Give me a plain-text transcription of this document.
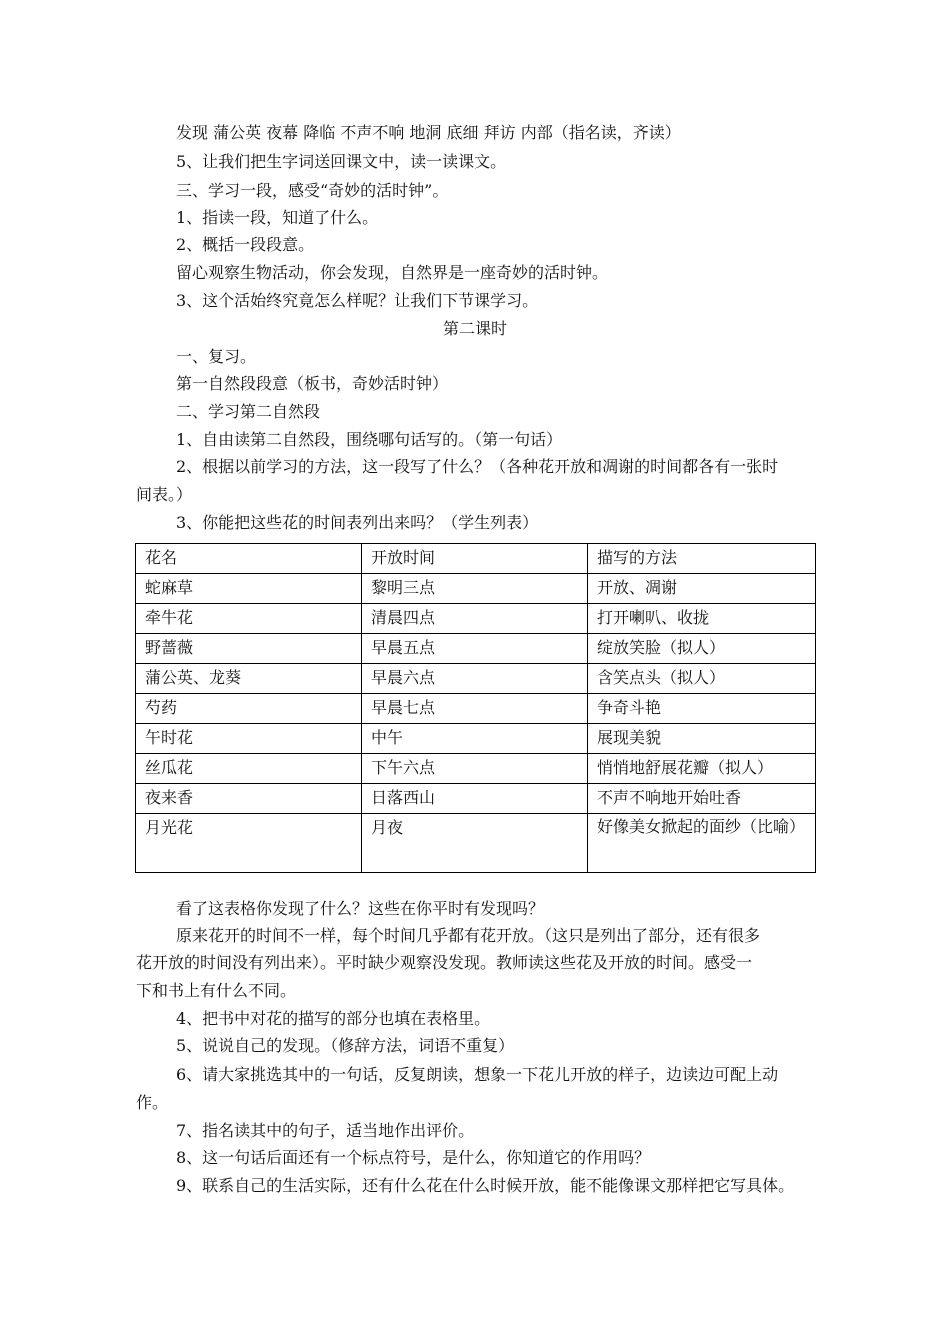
发现 蒲公英 夜幕 降临 不声不响 地洞 底细 拜访 内部（指名读，齐读）
5、让我们把生字词送回课文中，读一读课文。
三、学习一段，感受“奇妙的活时钟”。
1、指读一段，知道了什么。
2、概括一段段意。
留心观察生物活动，你会发现，自然界是一座奇妙的活时钟。
3、这个活始终究竟怎么样呢？让我们下节课学习。
第二课时
一、复习。
第一自然段段意（板书，奇妙活时钟）
二、学习第二自然段
1、自由读第二自然段，围绕哪句话写的。（第一句话）
2、根据以前学习的方法，这一段写了什么？（各种花开放和凋谢的时间都各有一张时
间表。）
3、你能把这些花的时间表列出来吗？（学生列表）
花名	开放时间	描写的方法
蛇麻草	黎明三点	开放、凋谢
牵牛花	清晨四点	打开喇叭、收拢
野蔷薇	早晨五点	绽放笑脸（拟人）
蒲公英、龙葵	早晨六点	含笑点头（拟人）
芍药	早晨七点	争奇斗艳
午时花	中午	展现美貌
丝瓜花	下午六点	悄悄地舒展花瓣（拟人）
夜来香	日落西山	不声不响地开始吐香
月光花	月夜	好像美女掀起的面纱（比喻）
看了这表格你发现了什么？这些在你平时有发现吗？
原来花开的时间不一样，每个时间几乎都有花开放。（这只是列出了部分，还有很多
花开放的时间没有列出来）。平时缺少观察没发现。教师读这些花及开放的时间。感受一
下和书上有什么不同。
4、把书中对花的描写的部分也填在表格里。
5、说说自己的发现。（修辞方法，词语不重复）
6、请大家挑选其中的一句话，反复朗读，想象一下花儿开放的样子，边读边可配上动
作。
7、指名读其中的句子，适当地作出评价。
8、这一句话后面还有一个标点符号，是什么，你知道它的作用吗？
9、联系自己的生活实际，还有什么花在什么时候开放，能不能像课文那样把它写具体。
